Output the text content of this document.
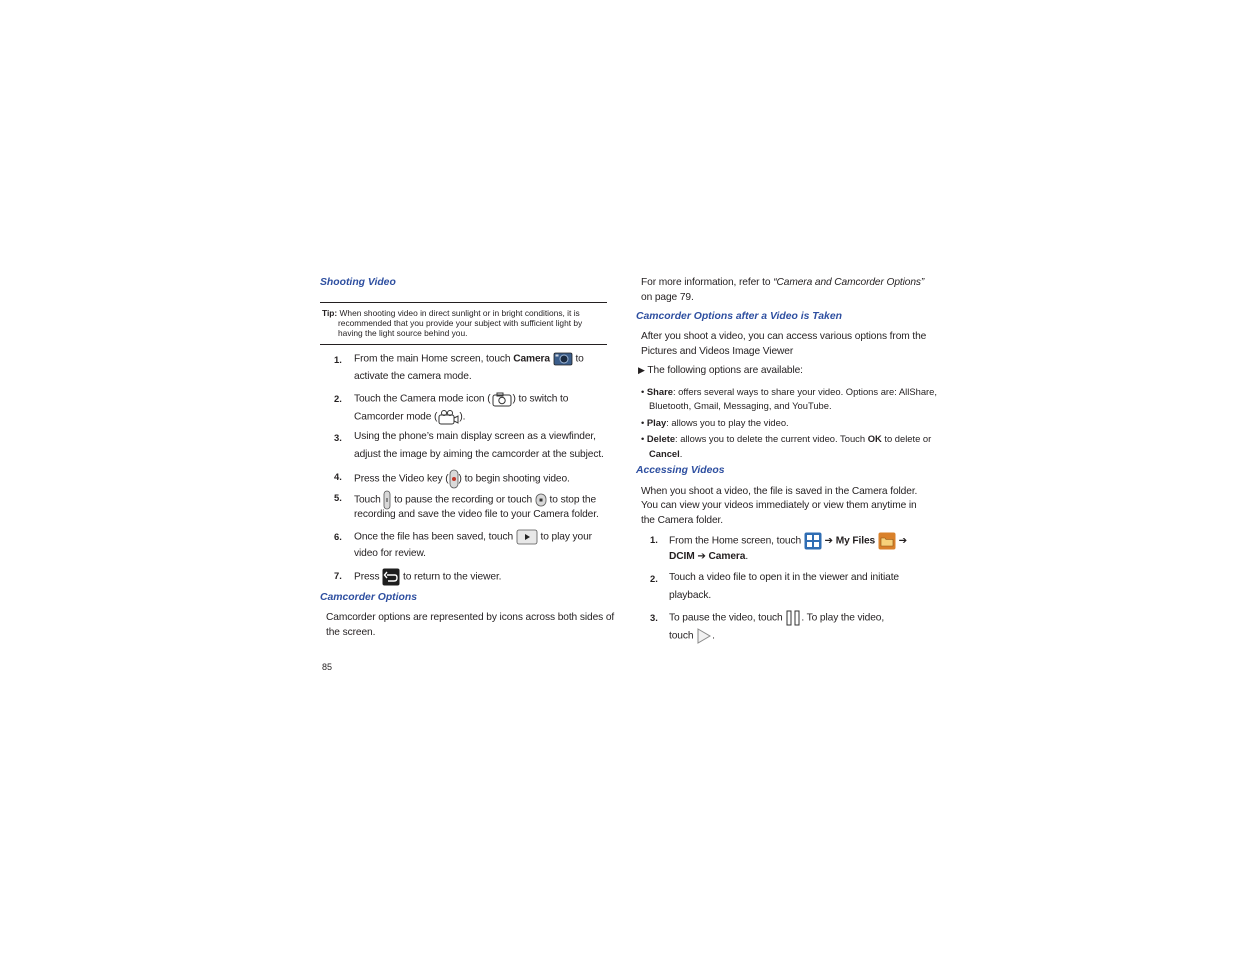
Shooting Video
Tip: When shooting video in direct sunlight or in bright conditions, it is
recommended that you provide your subject with sufficient light by
having the light source behind you.
1. From the main Home screen, touch Camera  to
activate the camera mode.
2. Touch the Camera mode icon ( ) to switch to
Camcorder mode ( ).
3. Using the phone’s main display screen as a viewfinder,
adjust the image by aiming the camcorder at the subject.
4. Press the Video key ( ) to begin shooting video.
5. Touch  to pause the recording or touch  to stop the
recording and save the video file to your Camera folder.
6. Once the file has been saved, touch  to play your
video for review.
7. Press  to return to the viewer.
Camcorder Options
Camcorder options are represented by icons across both sides of
the screen.
85
For more information, refer to “Camera and Camcorder Options”
on page 79.
Camcorder Options after a Video is Taken
After you shoot a video, you can access various options from the
Pictures and Videos Image Viewer
▶ The following options are available:
• Share: offers several ways to share your video. Options are: AllShare,
Bluetooth, Gmail, Messaging, and YouTube.
• Play: allows you to play the video.
• Delete: allows you to delete the current video. Touch OK to delete or
Cancel.
Accessing Videos
When you shoot a video, the file is saved in the Camera folder.
You can view your videos immediately or view them anytime in
the Camera folder.
1. From the Home screen, touch  ➔ My Files ➔
DCIM ➔ Camera.
2. Touch a video file to open it in the viewer and initiate
playback.
3. To pause the video, touch . To play the video,
touch .
